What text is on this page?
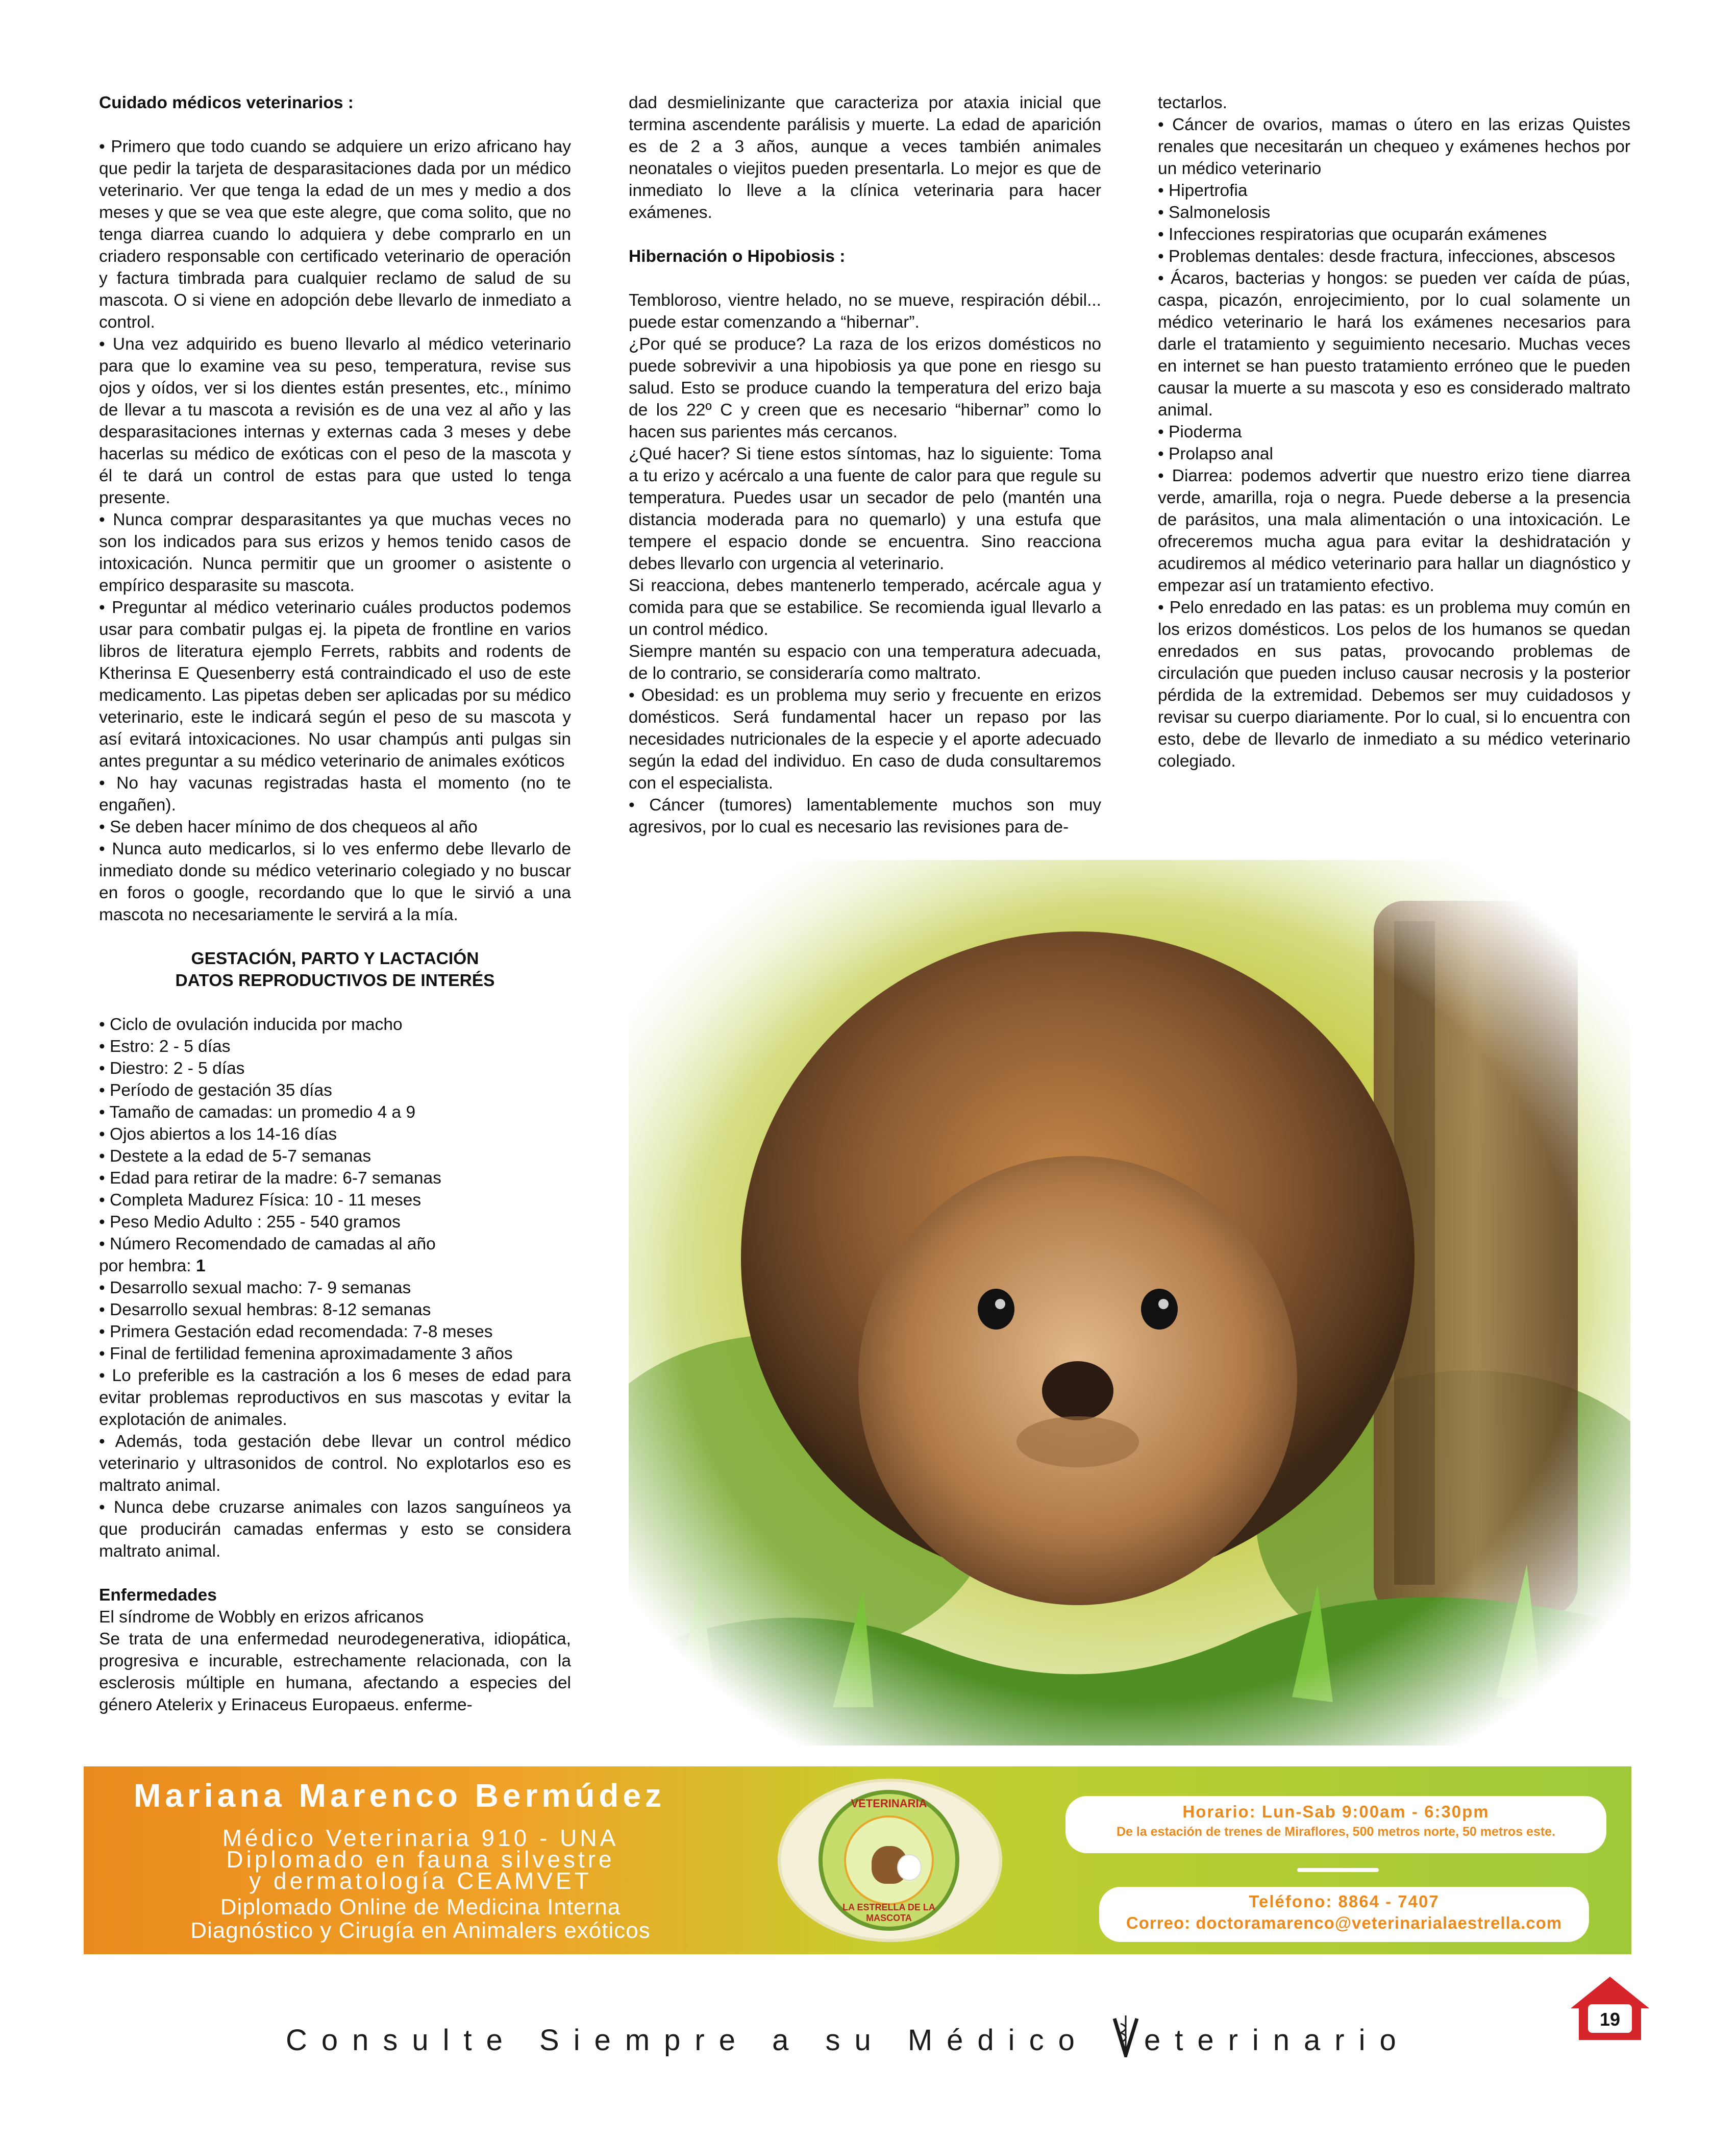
Cuidado médicos veterinarios :

• Primero que todo cuando se adquiere un erizo africano hay que pedir la tarjeta de desparasitaciones dada por un médico veterinario. Ver que tenga la edad de un mes y medio a dos meses y que se vea que este alegre, que coma solito, que no tenga diarrea cuando lo adquiera y debe comprarlo en un criadero responsable con certificado veterinario de operación y factura timbrada para cualquier reclamo de salud de su mascota. O si viene en adopción debe llevarlo de inmediato a control.

• Una vez adquirido es bueno llevarlo al médico veterinario para que lo examine vea su peso, temperatura, revise sus ojos y oídos, ver si los dientes están presentes, etc., mínimo de llevar a tu mascota a revisión es de una vez al año y las desparasitaciones internas y externas cada 3 meses y debe hacerlas su médico de exóticas con el peso de la mascota y él te dará un control de estas para que usted lo tenga presente.

• Nunca comprar desparasitantes ya que muchas veces no son los indicados para sus erizos y hemos tenido casos de intoxicación. Nunca permitir que un groomer o asistente o empírico desparasite su mascota.

• Preguntar al médico veterinario cuáles productos podemos usar para combatir pulgas ej. la pipeta de frontline en varios libros de literatura ejemplo Ferrets, rabbits and rodents de Ktherinsa E Quesenberry está contraindicado el uso de este medicamento. Las pipetas deben ser aplicadas por su médico veterinario, este le indicará según el peso de su mascota y así evitará intoxicaciones. No usar champús anti pulgas sin antes preguntar a su médico veterinario de animales exóticos

• No hay vacunas registradas hasta el momento (no te engañen).

• Se deben hacer mínimo de dos chequeos al año

• Nunca auto medicarlos, si lo ves enfermo debe llevarlo de inmediato donde su médico veterinario colegiado y no buscar en foros o google, recordando que lo que le sirvió a una mascota no necesariamente le servirá a la mía.

GESTACIÓN, PARTO Y LACTACIÓN

DATOS REPRODUCTIVOS DE INTERÉS

• Ciclo de ovulación inducida por macho

• Estro: 2 - 5 días

• Diestro: 2 - 5 días

• Período de gestación 35 días

• Tamaño de camadas: un promedio 4 a 9

• Ojos abiertos a los 14-16 días

• Destete a la edad de 5-7 semanas

• Edad para retirar de la madre: 6-7 semanas

• Completa Madurez Física: 10 - 11 meses

• Peso Medio Adulto : 255 - 540 gramos

• Número Recomendado de camadas al año

por hembra: 1

• Desarrollo sexual macho: 7- 9 semanas

• Desarrollo sexual hembras: 8-12 semanas

• Primera Gestación edad recomendada: 7-8 meses

• Final de fertilidad femenina aproximadamente 3 años

• Lo preferible es la castración a los 6 meses de edad para evitar problemas reproductivos en sus mascotas y evitar la explotación de animales.

• Además, toda gestación debe llevar un control médico veterinario y ultrasonidos de control. No explotarlos eso es maltrato animal.

• Nunca debe cruzarse animales con lazos sanguíneos ya que producirán camadas enfermas y esto se considera maltrato animal.

Enfermedades

El síndrome de Wobbly en erizos africanos

Se trata de una enfermedad neurodegenerativa, idiopática, progresiva e incurable, estrechamente relacionada, con la esclerosis múltiple en humana, afectando a especies del género Atelerix y Erinaceus Europaeus. enferme-

dad desmielinizante que caracteriza por ataxia inicial que termina ascendente parálisis y muerte. La edad de aparición es de 2 a 3 años, aunque a veces también animales neonatales o viejitos pueden presentarla. Lo mejor es que de inmediato lo lleve a la clínica veterinaria para hacer exámenes.

Hibernación o Hipobiosis :

Tembloroso, vientre helado, no se mueve, respiración débil... puede estar comenzando a “hibernar”.

¿Por qué se produce? La raza de los erizos domésticos no puede sobrevivir a una hipobiosis ya que pone en riesgo su salud. Esto se produce cuando la temperatura del erizo baja de los 22º C y creen que es necesario “hibernar” como lo hacen sus parientes más cercanos.

¿Qué hacer? Si tiene estos síntomas, haz lo siguiente: Toma a tu erizo y acércalo a una fuente de calor para que regule su temperatura. Puedes usar un secador de pelo (mantén una distancia moderada para no quemarlo) y una estufa que tempere el espacio donde se encuentra. Sino reacciona debes llevarlo con urgencia al veterinario.

Si reacciona, debes mantenerlo temperado, acércale agua y comida para que se estabilice. Se recomienda igual llevarlo a un control médico.

Siempre mantén su espacio con una temperatura adecuada, de lo contrario, se consideraría como maltrato.

• Obesidad: es un problema muy serio y frecuente en erizos domésticos. Será fundamental hacer un repaso por las necesidades nutricionales de la especie y el aporte adecuado según la edad del individuo. En caso de duda consultaremos con el especialista.

• Cáncer (tumores) lamentablemente muchos son muy agresivos, por lo cual es necesario las revisiones para de-

tectarlos.

• Cáncer de ovarios, mamas o útero en las erizas Quistes renales que necesitarán un chequeo y exámenes hechos por un médico veterinario

• Hipertrofia

• Salmonelosis

• Infecciones respiratorias que ocuparán exámenes

• Problemas dentales: desde fractura, infecciones, abscesos

• Ácaros, bacterias y hongos: se pueden ver caída de púas, caspa, picazón, enrojecimiento, por lo cual solamente un médico veterinario le hará los exámenes necesarios para darle el tratamiento y seguimiento necesario. Muchas veces en internet se han puesto tratamiento erróneo que le pueden causar la muerte a su mascota y eso es considerado maltrato animal.

• Pioderma

• Prolapso anal

• Diarrea: podemos advertir que nuestro erizo tiene diarrea verde, amarilla, roja o negra. Puede deberse a la presencia de parásitos, una mala alimentación o una intoxicación. Le ofreceremos mucha agua para evitar la deshidratación y acudiremos al médico veterinario para hallar un diagnóstico y empezar así un tratamiento efectivo.

• Pelo enredado en las patas: es un problema muy común en los erizos domésticos. Los pelos de los humanos se quedan enredados en sus patas, provocando problemas de circulación que pueden incluso causar necrosis y la posterior pérdida de la extremidad. Debemos ser muy cuidadosos y revisar su cuerpo diariamente. Por lo cual, si lo encuentra con esto, debe de llevarlo de inmediato a su médico veterinario colegiado.

Mariana Marenco Bermúdez
Médico Veterinaria 910 - UNA
Diplomado en fauna silvestre
y dermatología CEAMVET
Diplomado Online de Medicina Interna
Diagnóstico y Cirugía en Animalers exóticos
VETERINARIA
LA ESTRELLA DE LA MASCOTA
Horario: Lun-Sab 9:00am - 6:30pm
De la estación de trenes de Miraflores, 500 metros norte, 50 metros este.
Teléfono: 8864 - 7407
Correo: doctoramarenco@veterinarialaestrella.com
Consulte Siempre a su Médico eterinario
19
